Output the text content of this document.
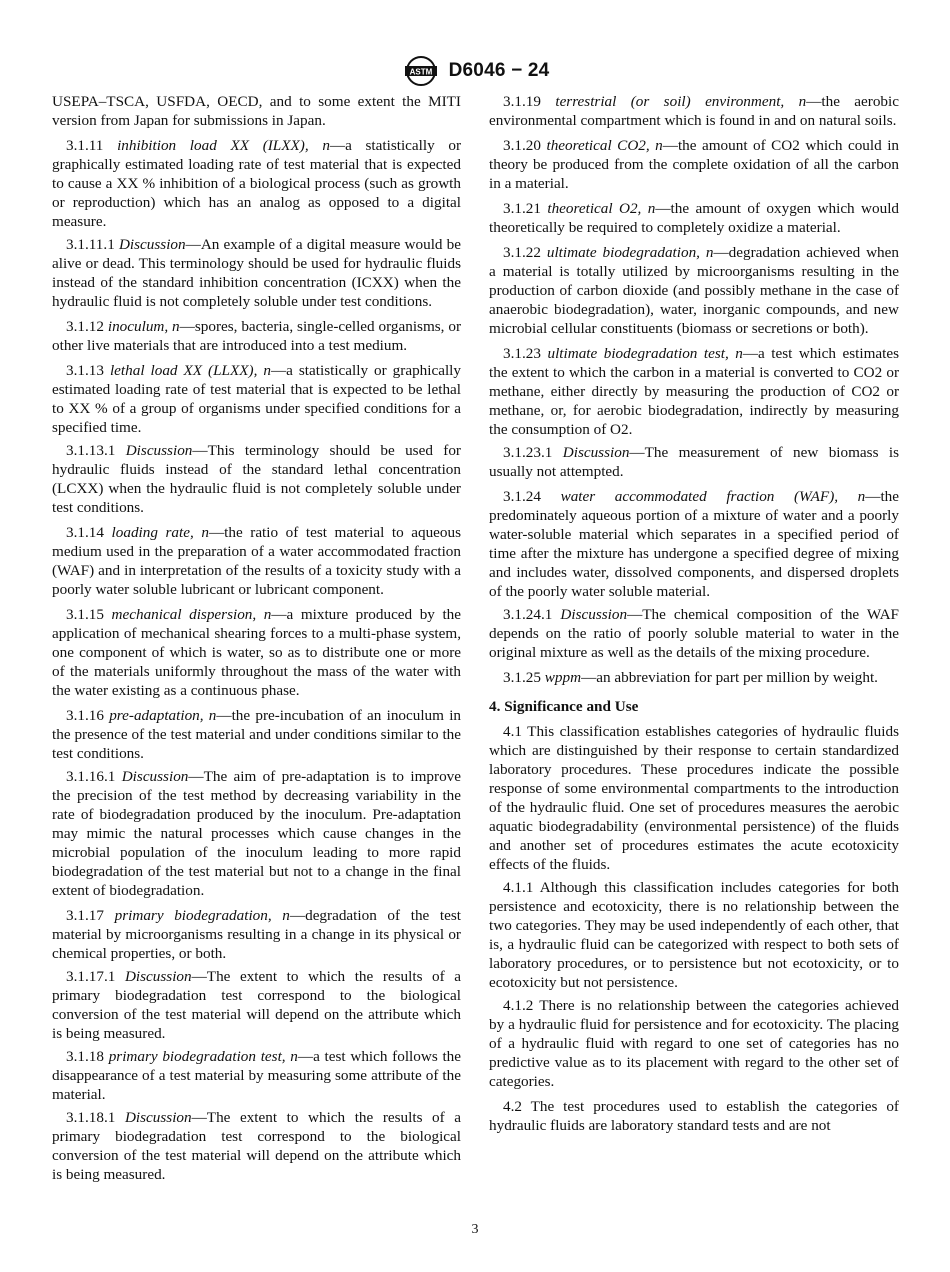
ASTM D6046 − 24

USEPA–TSCA, USFDA, OECD, and to some extent the MITI version from Japan for submissions in Japan.

3.1.11 inhibition load XX (ILXX), n—a statistically or graphically estimated loading rate of test material that is expected to cause a XX % inhibition of a biological process (such as growth or reproduction) which has an analog as opposed to a digital measure.

3.1.11.1 Discussion—An example of a digital measure would be alive or dead. This terminology should be used for hydraulic fluids instead of the standard inhibition concentration (ICXX) when the hydraulic fluid is not completely soluble under test conditions.

3.1.12 inoculum, n—spores, bacteria, single-celled organisms, or other live materials that are introduced into a test medium.

3.1.13 lethal load XX (LLXX), n—a statistically or graphically estimated loading rate of test material that is expected to be lethal to XX % of a group of organisms under specified conditions for a specified time.

3.1.13.1 Discussion—This terminology should be used for hydraulic fluids instead of the standard lethal concentration (LCXX) when the hydraulic fluid is not completely soluble under test conditions.

3.1.14 loading rate, n—the ratio of test material to aqueous medium used in the preparation of a water accommodated fraction (WAF) and in interpretation of the results of a toxicity study with a poorly water soluble lubricant or lubricant component.

3.1.15 mechanical dispersion, n—a mixture produced by the application of mechanical shearing forces to a multi-phase system, one component of which is water, so as to distribute one or more of the materials uniformly throughout the mass of the water with the water existing as a continuous phase.

3.1.16 pre-adaptation, n—the pre-incubation of an inoculum in the presence of the test material and under conditions similar to the test conditions.

3.1.16.1 Discussion—The aim of pre-adaptation is to improve the precision of the test method by decreasing variability in the rate of biodegradation produced by the inoculum. Pre-adaptation may mimic the natural processes which cause changes in the microbial population of the inoculum leading to more rapid biodegradation of the test material but not to a change in the final extent of biodegradation.

3.1.17 primary biodegradation, n—degradation of the test material by microorganisms resulting in a change in its physical or chemical properties, or both.

3.1.17.1 Discussion—The extent to which the results of a primary biodegradation test correspond to the biological conversion of the test material will depend on the attribute which is being measured.

3.1.18 primary biodegradation test, n—a test which follows the disappearance of a test material by measuring some attribute of the material.

3.1.18.1 Discussion—The extent to which the results of a primary biodegradation test correspond to the biological conversion of the test material will depend on the attribute which is being measured.

3.1.19 terrestrial (or soil) environment, n—the aerobic environmental compartment which is found in and on natural soils.

3.1.20 theoretical CO2, n—the amount of CO2 which could in theory be produced from the complete oxidation of all the carbon in a material.

3.1.21 theoretical O2, n—the amount of oxygen which would theoretically be required to completely oxidize a material.

3.1.22 ultimate biodegradation, n—degradation achieved when a material is totally utilized by microorganisms resulting in the production of carbon dioxide (and possibly methane in the case of anaerobic biodegradation), water, inorganic compounds, and new microbial cellular constituents (biomass or secretions or both).

3.1.23 ultimate biodegradation test, n—a test which estimates the extent to which the carbon in a material is converted to CO2 or methane, either directly by measuring the production of CO2 or methane, or, for aerobic biodegradation, indirectly by measuring the consumption of O2.

3.1.23.1 Discussion—The measurement of new biomass is usually not attempted.

3.1.24 water accommodated fraction (WAF), n—the predominately aqueous portion of a mixture of water and a poorly water-soluble material which separates in a specified period of time after the mixture has undergone a specified degree of mixing and includes water, dissolved components, and dispersed droplets of the poorly water soluble material.

3.1.24.1 Discussion—The chemical composition of the WAF depends on the ratio of poorly soluble material to water in the original mixture as well as the details of the mixing procedure.

3.1.25 wppm—an abbreviation for part per million by weight.

4. Significance and Use

4.1 This classification establishes categories of hydraulic fluids which are distinguished by their response to certain standardized laboratory procedures. These procedures indicate the possible response of some environmental compartments to the introduction of the hydraulic fluid. One set of procedures measures the aerobic aquatic biodegradability (environmental persistence) of the fluids and another set of procedures estimates the acute ecotoxicity effects of the fluids.

4.1.1 Although this classification includes categories for both persistence and ecotoxicity, there is no relationship between the two categories. They may be used independently of each other, that is, a hydraulic fluid can be categorized with respect to both sets of laboratory procedures, or to persistence but not ecotoxicity, or to ecotoxicity but not persistence.

4.1.2 There is no relationship between the categories achieved by a hydraulic fluid for persistence and for ecotoxicity. The placing of a hydraulic fluid with regard to one set of categories has no predictive value as to its placement with regard to the other set of categories.

4.2 The test procedures used to establish the categories of hydraulic fluids are laboratory standard tests and are not

3
